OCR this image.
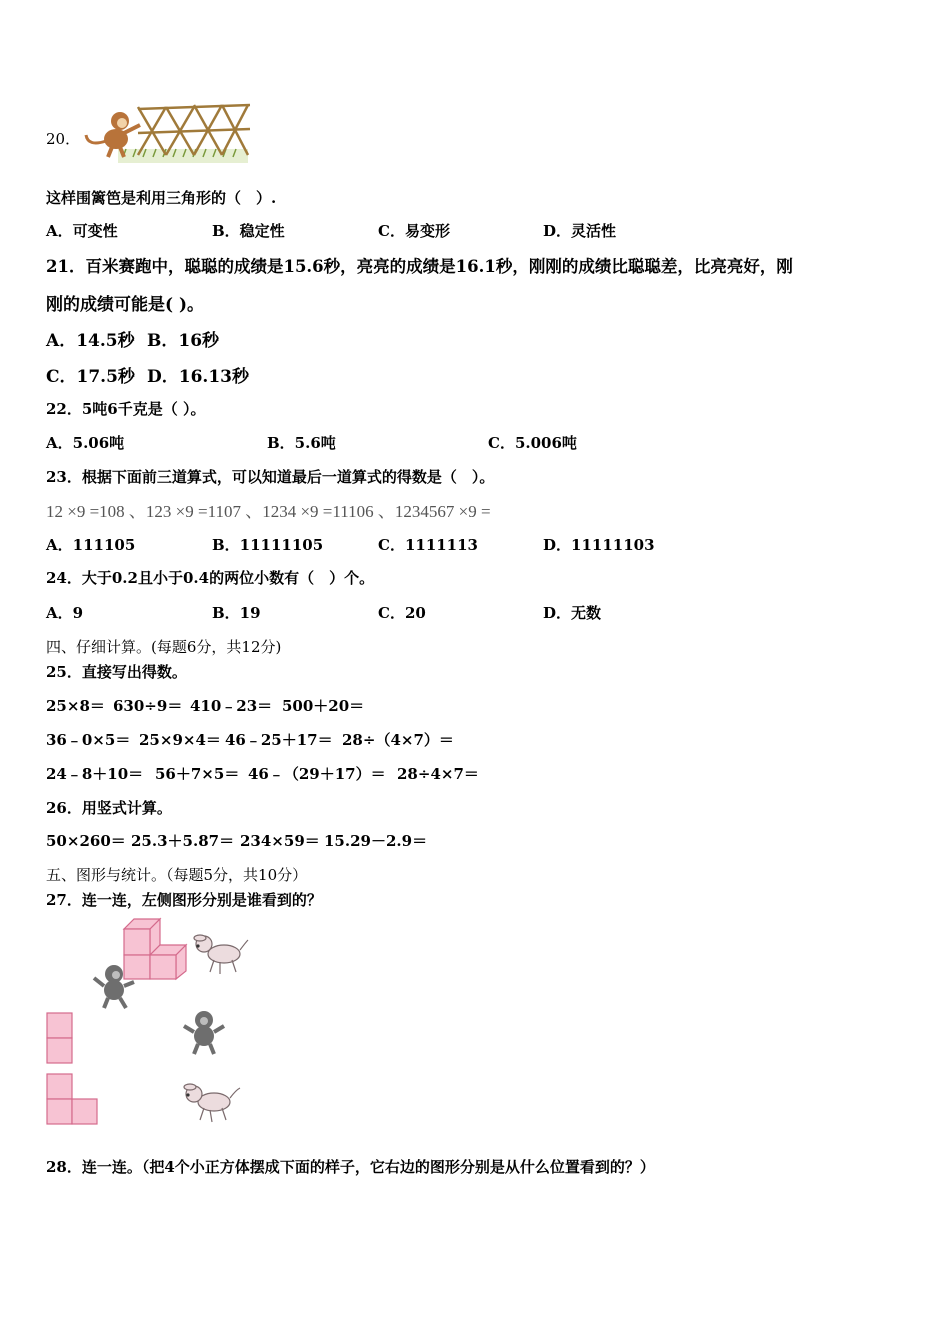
20．
这样围篱笆是利用三角形的（　）.
A．可变性	B．稳定性	C．易变形	D．灵活性
21．百米赛跑中，聪聪的成绩是15.6秒，亮亮的成绩是16.1秒，刚刚的成绩比聪聪差，比亮亮好，刚
刚的成绩可能是( )。
A．14.5秒 B．16秒
C．17.5秒 D．16.13秒
22．5吨6千克是（ ）。
A．5.06吨	B．5.6吨	C．5.006吨
23．根据下面前三道算式，可以知道最后一道算式的得数是（　）。
12 ×9 =108 、123 ×9 =1107 、1234 ×9 =11106 、1234567 ×9 =
A．111105	B．11111105	C．1111113	D．11111103
24．大于0.2且小于0.4的两位小数有（　）个。
A．9	B．19	C．20	D．无数
四、仔细计算。(每题6分，共12分)
25．直接写出得数。
25×8＝ 630÷9＝ 410﹣23＝ 500＋20＝
36﹣0×5＝ 25×9×4＝ 46﹣25＋17＝ 28÷（4×7）＝
24﹣8＋10＝ 56＋7×5＝ 46﹣（29＋17）＝ 28÷4×7＝
26．用竖式计算。
50×260＝ 25.3＋5.87＝ 234×59＝ 15.29－2.9＝
五、图形与统计。（每题5分，共10分）
27．连一连，左侧图形分别是谁看到的？
28．连一连。（把4个小正方体摆成下面的样子，它右边的图形分别是从什么位置看到的？）
